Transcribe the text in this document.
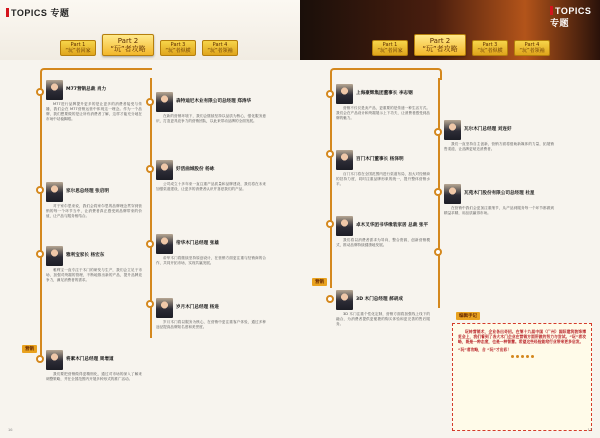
TOPICS 专题
Part 1
“玩”者回家
Part 2
“玩”者攻略	Part 3
“玩”者纵横
Part 4
“玩”者领袖
M77营销总裁 肖力
M77进行品牌提升更多的是让更多的消费者接受与传播，我们会在 M77营销运营中体现这一理念。作为一个品牌，我们想要做的是让所有消费者了解，这样才能充分地在市场中站稳脚跟。
家尔思总经理 张启明
对于家尔思来说，我们会将家尔思的品牌理念贯穿到营销的每一个环节当中，让消费者真正感受到品牌带来的价值，让产品与服务相结合。
雅利宝家长 杨宏东
雅利宝一直专注于木门的研发与生产，我们会立足于市场，加强对终端的管理，不断地推出新的产品，提升品牌竞争力，满足消费者的需求。
营销
将素木门总经理 周增道
我们要把营销做得更精细化，通过对市场的深入了解来调整策略，并在全国范围内开展多种形式的推广活动。
森特迪尼木业有限公司总经理 郑涛华
在新的营销环境下，我们会继续坚持以品质为核心，强化服务意识，打造更具竞争力的营销团队，以此来带动品牌的全面发展。
好活曲城股份 杨咏
公司成立十多年来一直注重产品质量和品牌建设，我们将在未来加强渠道建设，让更多的消费者认识并喜爱我们的产品。
帝华木门总经理 张雄
帝华木门将继续坚持原创设计，在营销方面更注重与经销商的合作，共同开拓市场，实现共赢发展。
岁月木门总经理 杨进
岁月木门将以服务为核心，在营销中更注重客户体验，通过多种途径提高品牌知名度和美誉度。
16
TOPICS 专题
Part 1
“玩”者回家
Part 2
“玩”者攻略	Part 3
“玩”者纵横
Part 4
“玩”者领袖
上海豪辉集团董事长 李志钢
营销不仅仅是卖产品，更重要的是传递一种生活方式。我们会在产品设计和终端展示上下功夫，让消费者感受到品牌的魅力。
百门木门董事长 杨泽明
百门木门将在全国范围内进行渠道布局，加大对经销商的扶持力度，同时注重品牌形象的统一，提升整体营销水平。
卓木叉华团书华缘装家居 总裁 张平
我们将以消费者需求为导向，整合资源，创新营销模式，推动品牌持续健康地发展。
营销
3D 木门总经理 郝胡成
3D 木门注重个性化定制，营销方面将加强线上线下的融合，为消费者提供更便捷的购买体验和更完善的售后服务。
瓦尔木门总经理 刘连好
我们一直坚持自主创新，营销方面将借助新媒体的力量，拓展销售渠道，让品牌更贴近消费者。
瓦苑木门股份有限公司总经理 杜星
在营销中我们会更加注重细节，从产品到服务每一个环节都做到精益求精，用品质赢得市场。
编辑手记
玩转营销术，企业各出奇招。在第十九届中国（广州）国际建筑装饰博览会上，我们看到了各大木门企业在营销方面所做的努力与尝试。“玩”者攻略，既是一种态度，也是一种智慧。希望这些经验能给行业带来更多启发。
“玩”者攻略，合 “玩”才出彩！
17
